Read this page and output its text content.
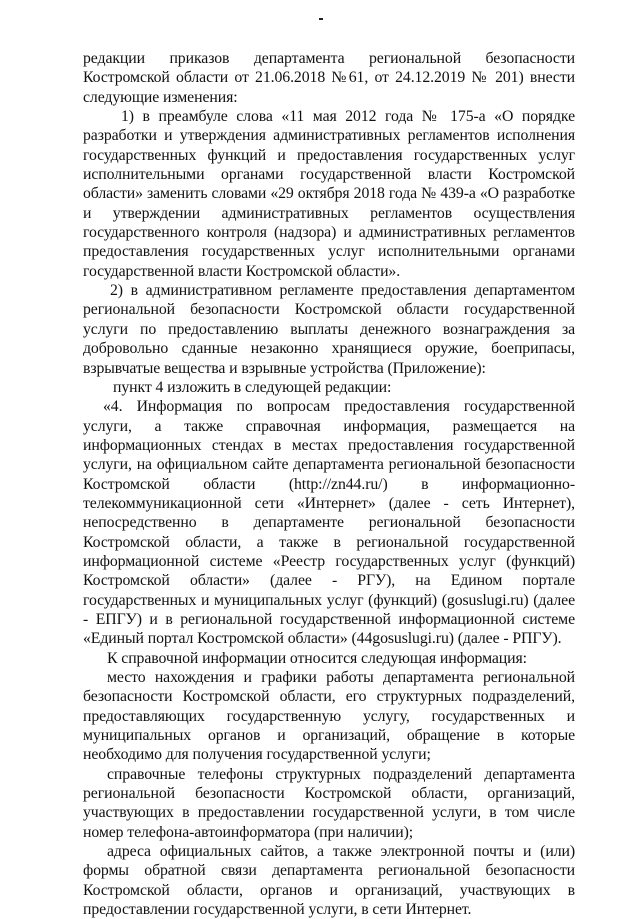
редакции приказов департамента региональной безопасности Костромской области от 21.06.2018 №61, от 24.12.2019 № 201) внести следующие изменения:

1) в преамбуле слова «11 мая 2012 года № 175-а «О порядке разработки и утверждения административных регламентов исполнения государственных функций и предоставления государственных услуг исполнительными органами государственной власти Костромской области» заменить словами «29 октября 2018 года № 439-а «О разработке и утверждении административных регламентов осуществления государственного контроля (надзора) и административных регламентов предоставления государственных услуг исполнительными органами государственной власти Костромской области».

2) в административном регламенте предоставления департаментом региональной безопасности Костромской области государственной услуги по предоставлению выплаты денежного вознаграждения за добровольно сданные незаконно хранящиеся оружие, боеприпасы, взрывчатые вещества и взрывные устройства (Приложение):

пункт 4 изложить в следующей редакции:

«4. Информация по вопросам предоставления государственной услуги, а также справочная информация, размещается на информационных стендах в местах предоставления государственной услуги, на официальном сайте департамента региональной безопасности Костромской области (http://zn44.ru/) в информационно-телекоммуникационной сети «Интернет» (далее - сеть Интернет), непосредственно в департаменте региональной безопасности Костромской области, а также в региональной государственной информационной системе «Реестр государственных услуг (функций) Костромской области» (далее - РГУ), на Едином портале государственных и муниципальных услуг (функций) (gosuslugi.ru) (далее - ЕПГУ) и в региональной государственной информационной системе «Единый портал Костромской области» (44gosuslugi.ru) (далее - РПГУ).

К справочной информации относится следующая информация:

место нахождения и графики работы департамента региональной безопасности Костромской области, его структурных подразделений, предоставляющих государственную услугу, государственных и муниципальных органов и организаций, обращение в которые необходимо для получения государственной услуги;

справочные телефоны структурных подразделений департамента региональной безопасности Костромской области, организаций, участвующих в предоставлении государственной услуги, в том числе номер телефона-автоинформатора (при наличии);

адреса официальных сайтов, а также электронной почты и (или) формы обратной связи департамента региональной безопасности Костромской области, органов и организаций, участвующих в предоставлении государственной услуги, в сети Интернет.
